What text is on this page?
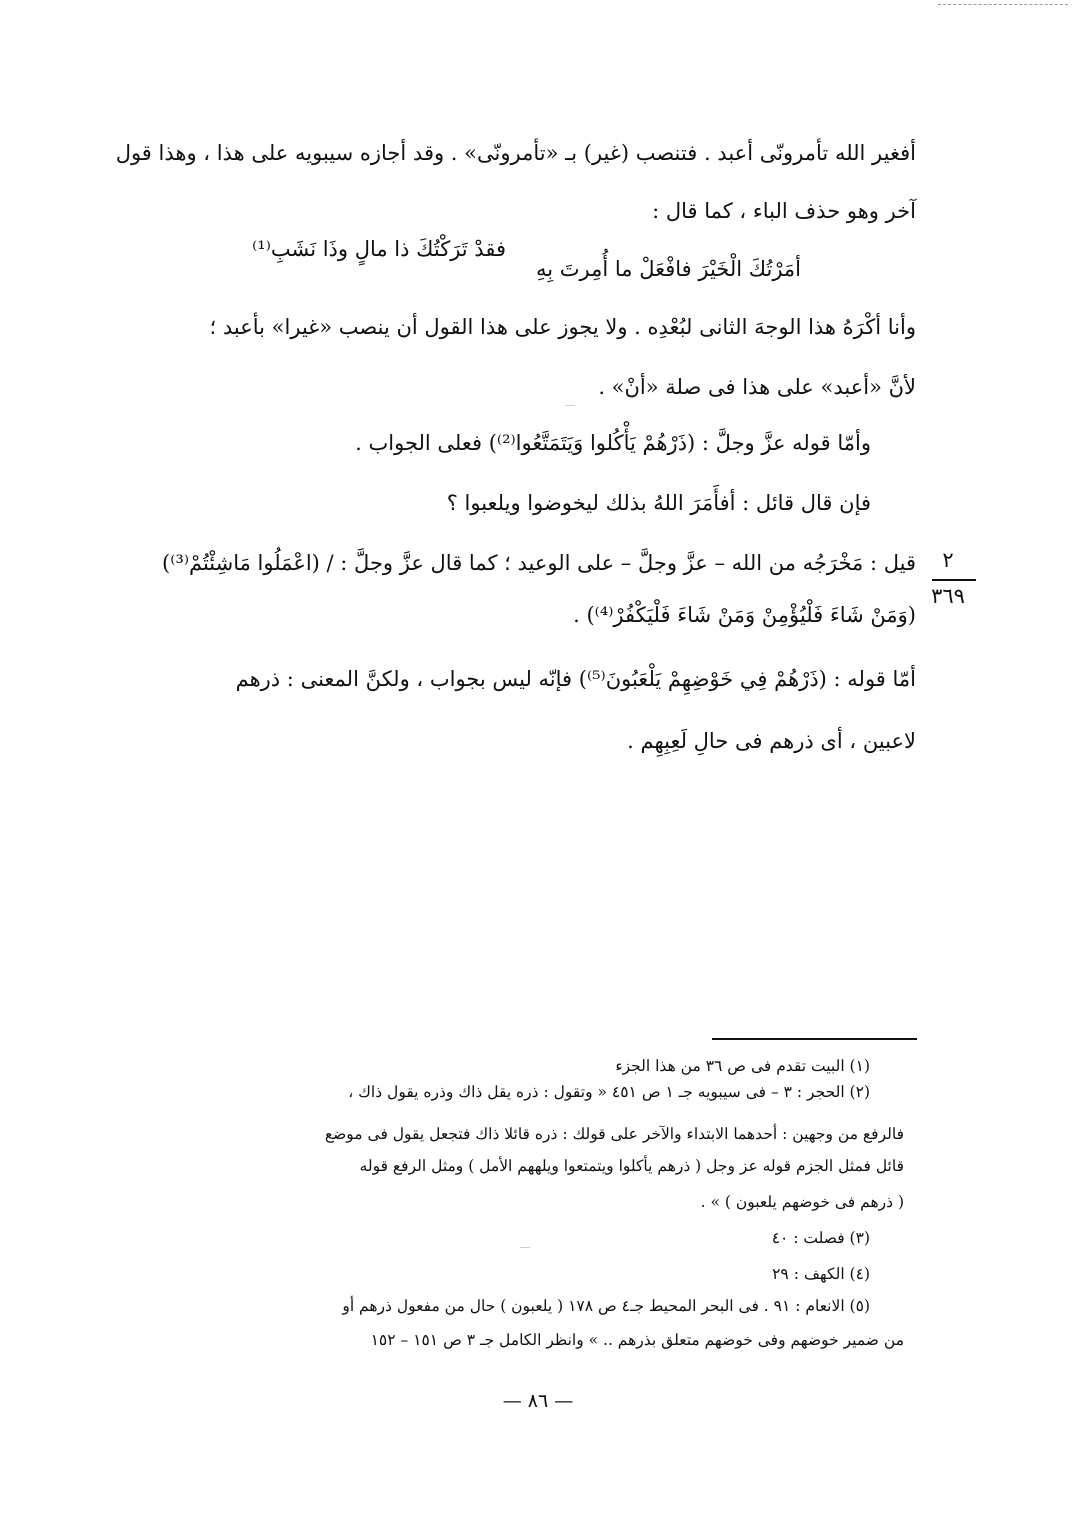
أفغير الله تأمرونّى أعبد . فتنصب (غير) بـ «تأمرونّى» . وقد أجازه سيبويه على هذا ، وهذا قول
آخر وهو حذف الباء ، كما قال :
أمَرْتُكَ الْخَيْرَ فافْعَلْ ما أُمِرتَ بِهِ
فقدْ تَرَكْتُكَ ذا مالٍ وذَا نَشَبِ⁽¹⁾
وأنا أكْرَهُ هذا الوجهَ الثانى لبُعْدِه . ولا يجوز على هذا القول أن ينصب «غيرا» بأعبد ؛
لأنَّ «أعبد» على هذا فى صلة «أنْ» .
وأمّا قوله عزَّ وجلَّ : (ذَرْهُمْ يَأْكُلوا وَيَتَمَتَّعُوا⁽²⁾) فعلى الجواب .
فإن قال قائل : أفأَمَرَ اللهُ بذلك ليخوضوا ويلعبوا ؟
قيل : مَخْرَجُه من الله – عزَّ وجلَّ – على الوعيد ؛ كما قال عزَّ وجلَّ : / (اعْمَلُوا مَاشِئْتُمْ⁽³⁾)
(وَمَنْ شَاءَ فَلْيُؤْمِنْ وَمَنْ شَاءَ فَلْيَكْفُرْ⁽⁴⁾) .
أمّا قوله : (ذَرْهُمْ فِي خَوْضِهِمْ يَلْعَبُونَ⁽⁵⁾) فإنّه ليس بجواب ، ولكنَّ المعنى : ذرهم
لاعبين ، أى ذرهم فى حالِ لَعِبِهِم .
٢
٣٦٩
(١) البيت تقدم فى ص ٣٦ من هذا الجزء
(٢) الحجر : ٣ – فى سيبويه جـ ١ ص ٤٥١ « وتقول : ذره يقل ذاك وذره يقول ذاك ،
فالرفع من وجهين : أحدهما الابتداء والآخر على قولك : ذره قائلا ذاك فتجعل يقول فى موضع
قائل فمثل الجزم قوله عز وجل ( ذرهم يأكلوا ويتمتعوا ويلههم الأمل ) ومثل الرفع قوله
( ذرهم فى خوضهم يلعبون ) » .
(٣) فصلت : ٤٠
(٤) الكهف : ٢٩
(٥) الانعام : ٩١ . فى البحر المحيط جـ٤ ص ١٧٨ ( يلعبون ) حال من مفعول ذرهم أو
من ضمير خوضهم وفى خوضهم متعلق بذرهم .. » وانظر الكامل جـ ٣ ص ١٥١ – ١٥٢
— ٨٦ —
